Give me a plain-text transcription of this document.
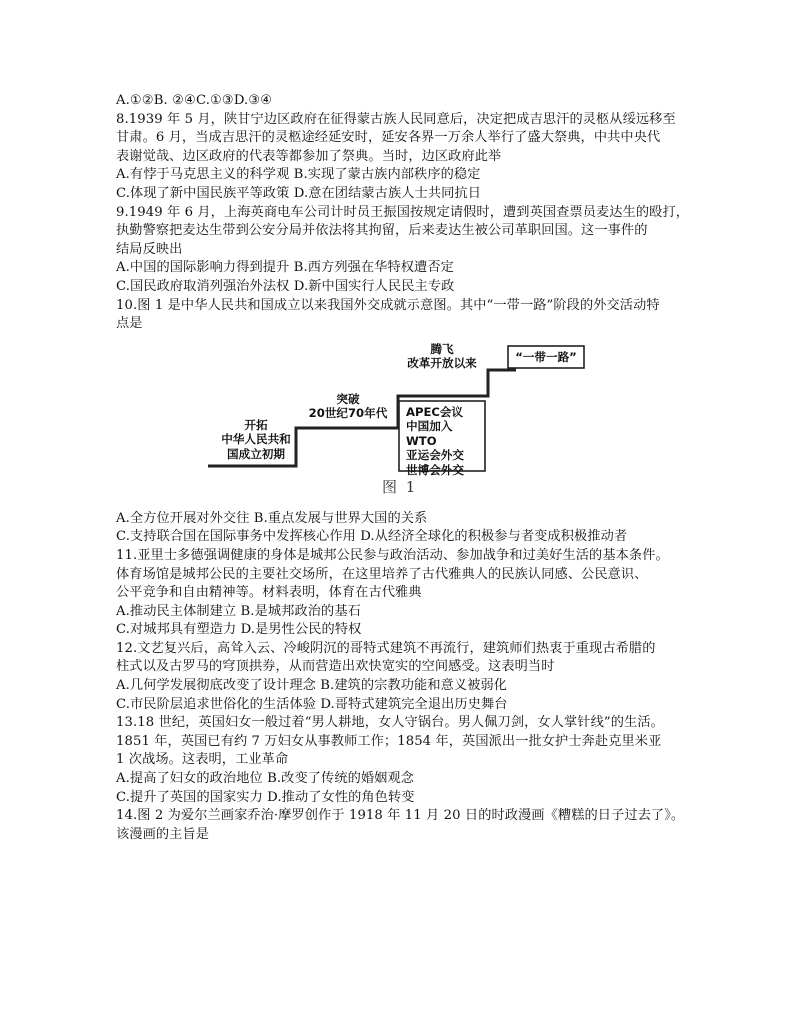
A.①②B. ②④C.①③D.③④
8.1939 年 5 月，陕甘宁边区政府在征得蒙古族人民同意后，决定把成吉思汗的灵柩从绥远移至
甘肃。6 月，当成吉思汗的灵柩途经延安时，延安各界一万余人举行了盛大祭典，中共中央代
表谢觉哉、边区政府的代表等都参加了祭典。当时，边区政府此举
A.有悖于马克思主义的科学观 B.实现了蒙古族内部秩序的稳定
C.体现了新中国民族平等政策 D.意在团结蒙古族人士共同抗日
9.1949 年 6 月，上海英商电车公司计时员王振国按规定请假时，遭到英国查票员麦达生的殴打，
执勤警察把麦达生带到公安分局并依法将其拘留，后来麦达生被公司革职回国。这一事件的
结局反映出
A.中国的国际影响力得到提升 B.西方列强在华特权遭否定
C.国民政府取消列强治外法权 D.新中国实行人民民主专政
10.图 1 是中华人民共和国成立以来我国外交成就示意图。其中“一带一路”阶段的外交活动特
点是
开拓
中华人民共和
国成立初期
突破
20世纪70年代
腾飞
改革开放以来
APEC会议
中国加入WTO
亚运会外交
世博会外交
“一带一路”
图 1
A.全方位开展对外交往 B.重点发展与世界大国的关系
C.支持联合国在国际事务中发挥核心作用 D.从经济全球化的积极参与者变成积极推动者
11.亚里士多德强调健康的身体是城邦公民参与政治活动、参加战争和过美好生活的基本条件。
体育场馆是城邦公民的主要社交场所，在这里培养了古代雅典人的民族认同感、公民意识、
公平竞争和自由精神等。材料表明，体育在古代雅典
A.推动民主体制建立 B.是城邦政治的基石
C.对城邦具有塑造力 D.是男性公民的特权
12.文艺复兴后，高耸入云、冷峻阴沉的哥特式建筑不再流行，建筑师们热衷于重现古希腊的
柱式以及古罗马的穹顶拱券，从而营造出欢快宽实的空间感受。这表明当时
A.几何学发展彻底改变了设计理念 B.建筑的宗教功能和意义被弱化
C.市民阶层追求世俗化的生活体验 D.哥特式建筑完全退出历史舞台
13.18 世纪，英国妇女一般过着“男人耕地，女人守锅台。男人佩刀剑，女人掌针线”的生活。
1851 年，英国已有约 7 万妇女从事教师工作；1854 年，英国派出一批女护士奔赴克里米亚
1 次战场。这表明，工业革命
A.提高了妇女的政治地位 B.改变了传统的婚姻观念
C.提升了英国的国家实力 D.推动了女性的角色转变
14.图 2 为爱尔兰画家乔治·摩罗创作于 1918 年 11 月 20 日的时政漫画《糟糕的日子过去了》。
该漫画的主旨是
